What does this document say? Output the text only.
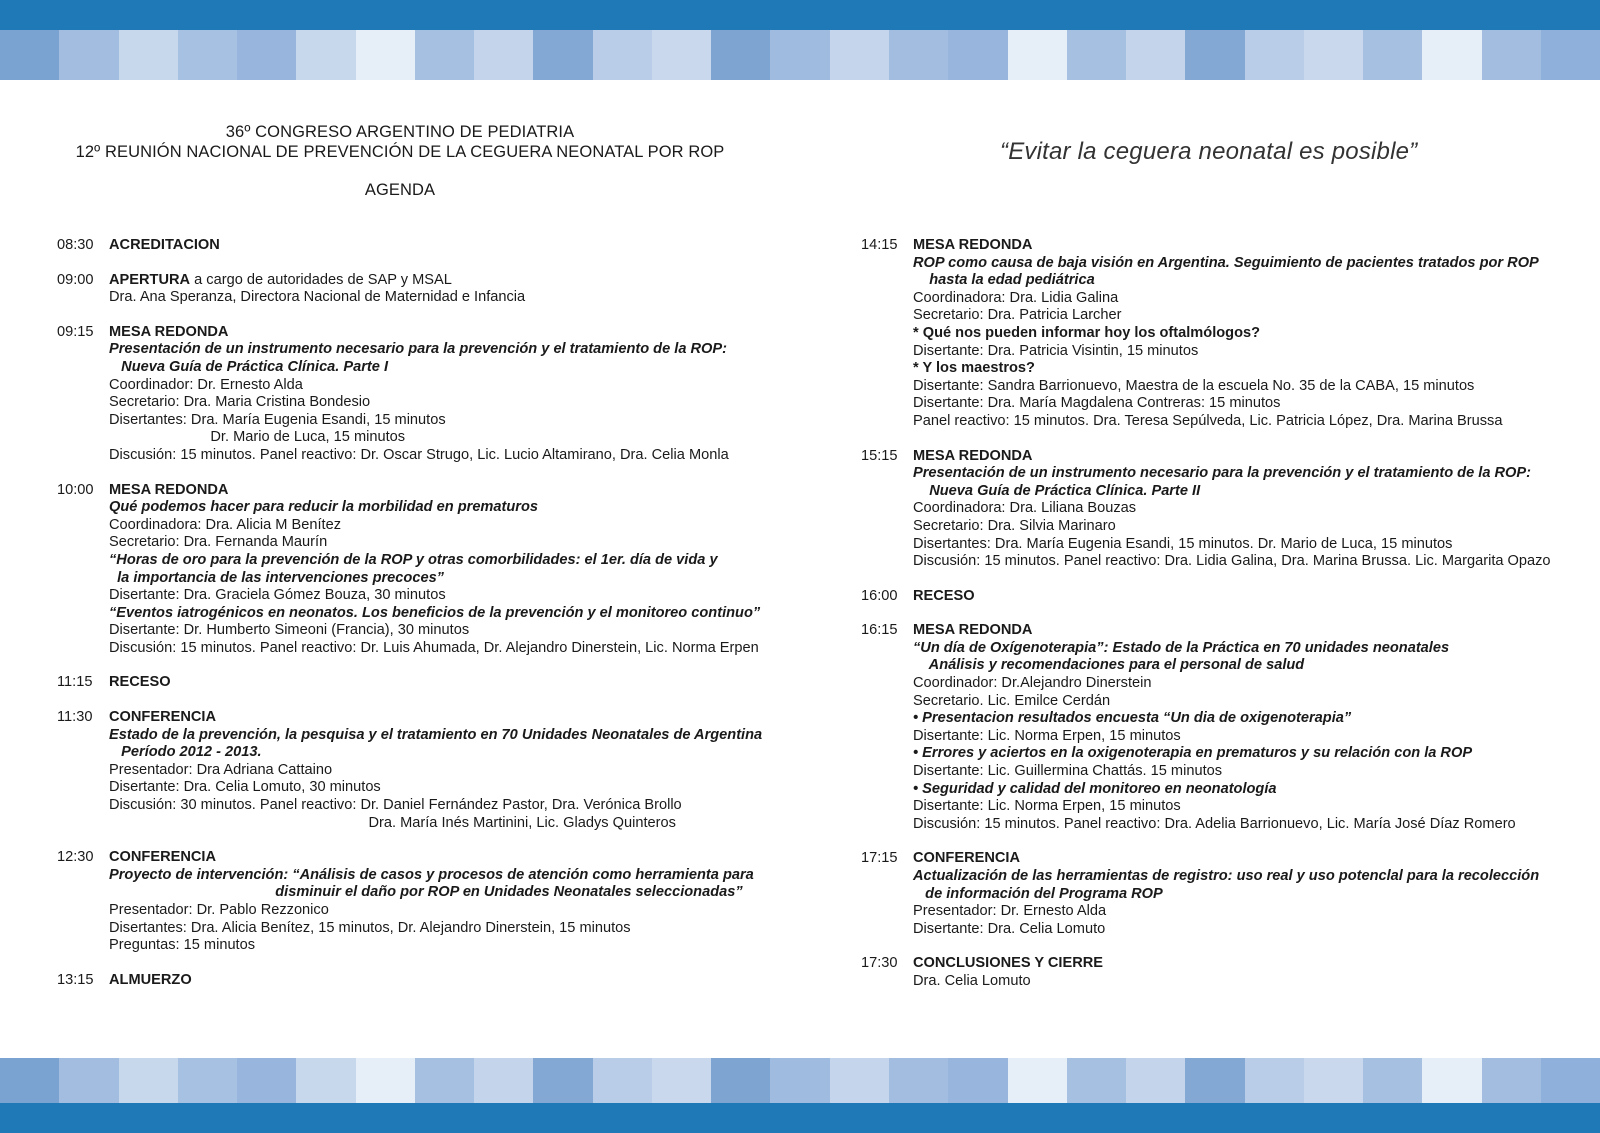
36º CONGRESO ARGENTINO DE PEDIATRIA
12º REUNIÓN NACIONAL DE PREVENCIÓN DE LA CEGUERA NEONATAL POR ROP
AGENDA
“Evitar la ceguera neonatal es posible”
08:30	ACREDITACION
09:00	APERTURA a cargo de autoridades de SAP y MSAL
Dra. Ana Speranza, Directora Nacional de Maternidad e Infancia
09:15	MESA REDONDA
Presentación de un instrumento necesario para la prevención y el tratamiento de la ROP:
Nueva Guía de Práctica Clínica. Parte I
Coordinador: Dr. Ernesto Alda
Secretario: Dra. Maria Cristina Bondesio
Disertantes: Dra. María Eugenia Esandi, 15 minutos
Dr. Mario de Luca, 15 minutos
Discusión: 15 minutos. Panel reactivo: Dr. Oscar Strugo, Lic. Lucio Altamirano, Dra. Celia Monla
10:00	MESA REDONDA
Qué podemos hacer para reducir la morbilidad en prematuros
Coordinadora: Dra. Alicia M Benítez
Secretario: Dra. Fernanda Maurín
“Horas de oro para la prevención de la ROP y otras comorbilidades: el 1er. día de vida y
la importancia de las intervenciones precoces”
Disertante: Dra. Graciela Gómez Bouza, 30 minutos
“Eventos iatrogénicos en neonatos. Los beneficios de la prevención y el monitoreo continuo”
Disertante: Dr. Humberto Simeoni (Francia), 30 minutos
Discusión: 15 minutos. Panel reactivo: Dr. Luis Ahumada, Dr. Alejandro Dinerstein, Lic. Norma Erpen
11:15	RECESO
11:30	CONFERENCIA
Estado de la prevención, la pesquisa y el tratamiento en 70 Unidades Neonatales de Argentina
Período 2012 - 2013.
Presentador: Dra Adriana Cattaino
Disertante: Dra. Celia Lomuto, 30 minutos
Discusión: 30 minutos. Panel reactivo: Dr. Daniel Fernández Pastor, Dra. Verónica Brollo
Dra. María Inés Martinini, Lic. Gladys Quinteros
12:30	CONFERENCIA
Proyecto de intervención: “Análisis de casos y procesos de atención como herramienta para
disminuir el daño por ROP en Unidades Neonatales seleccionadas”
Presentador: Dr. Pablo Rezzonico
Disertantes: Dra. Alicia Benítez, 15 minutos, Dr. Alejandro Dinerstein, 15 minutos
Preguntas: 15 minutos
13:15	ALMUERZO
14:15	MESA REDONDA
ROP como causa de baja visión en Argentina. Seguimiento de pacientes tratados por ROP
hasta la edad pediátrica
Coordinadora: Dra. Lidia Galina
Secretario: Dra. Patricia Larcher
* Qué nos pueden informar hoy los oftalmólogos?
Disertante: Dra. Patricia Visintin, 15 minutos
* Y los maestros?
Disertante: Sandra Barrionuevo, Maestra de la escuela No. 35 de la CABA, 15 minutos
Disertante: Dra. María Magdalena Contreras: 15 minutos
Panel reactivo: 15 minutos. Dra. Teresa Sepúlveda, Lic. Patricia López, Dra. Marina Brussa
15:15	MESA REDONDA
Presentación de un instrumento necesario para la prevención y el tratamiento de la ROP:
Nueva Guía de Práctica Clínica. Parte II
Coordinadora: Dra. Liliana Bouzas
Secretario: Dra. Silvia Marinaro
Disertantes: Dra. María Eugenia Esandi, 15 minutos. Dr. Mario de Luca, 15 minutos
Discusión: 15 minutos. Panel reactivo: Dra. Lidia Galina, Dra. Marina Brussa. Lic. Margarita Opazo
16:00	RECESO
16:15	MESA REDONDA
“Un día de Oxígenoterapia”: Estado de la Práctica en 70 unidades neonatales
Análisis y recomendaciones para el personal de salud
Coordinador: Dr.Alejandro Dinerstein
Secretario. Lic. Emilce Cerdán
• Presentacion resultados encuesta “Un dia de oxigenoterapia”
Disertante: Lic. Norma Erpen, 15 minutos
• Errores y aciertos en la oxigenoterapia en prematuros y su relación con la ROP
Disertante: Lic. Guillermina Chattás. 15 minutos
• Seguridad y calidad del monitoreo en neonatología
Disertante: Lic. Norma Erpen, 15 minutos
Discusión: 15 minutos. Panel reactivo: Dra. Adelia Barrionuevo, Lic. María José Díaz Romero
17:15	CONFERENCIA
Actualización de las herramientas de registro: uso real y uso potenclal para la recolección
de información del Programa ROP
Presentador: Dr. Ernesto Alda
Disertante: Dra. Celia Lomuto
17:30	CONCLUSIONES Y CIERRE
Dra. Celia Lomuto
